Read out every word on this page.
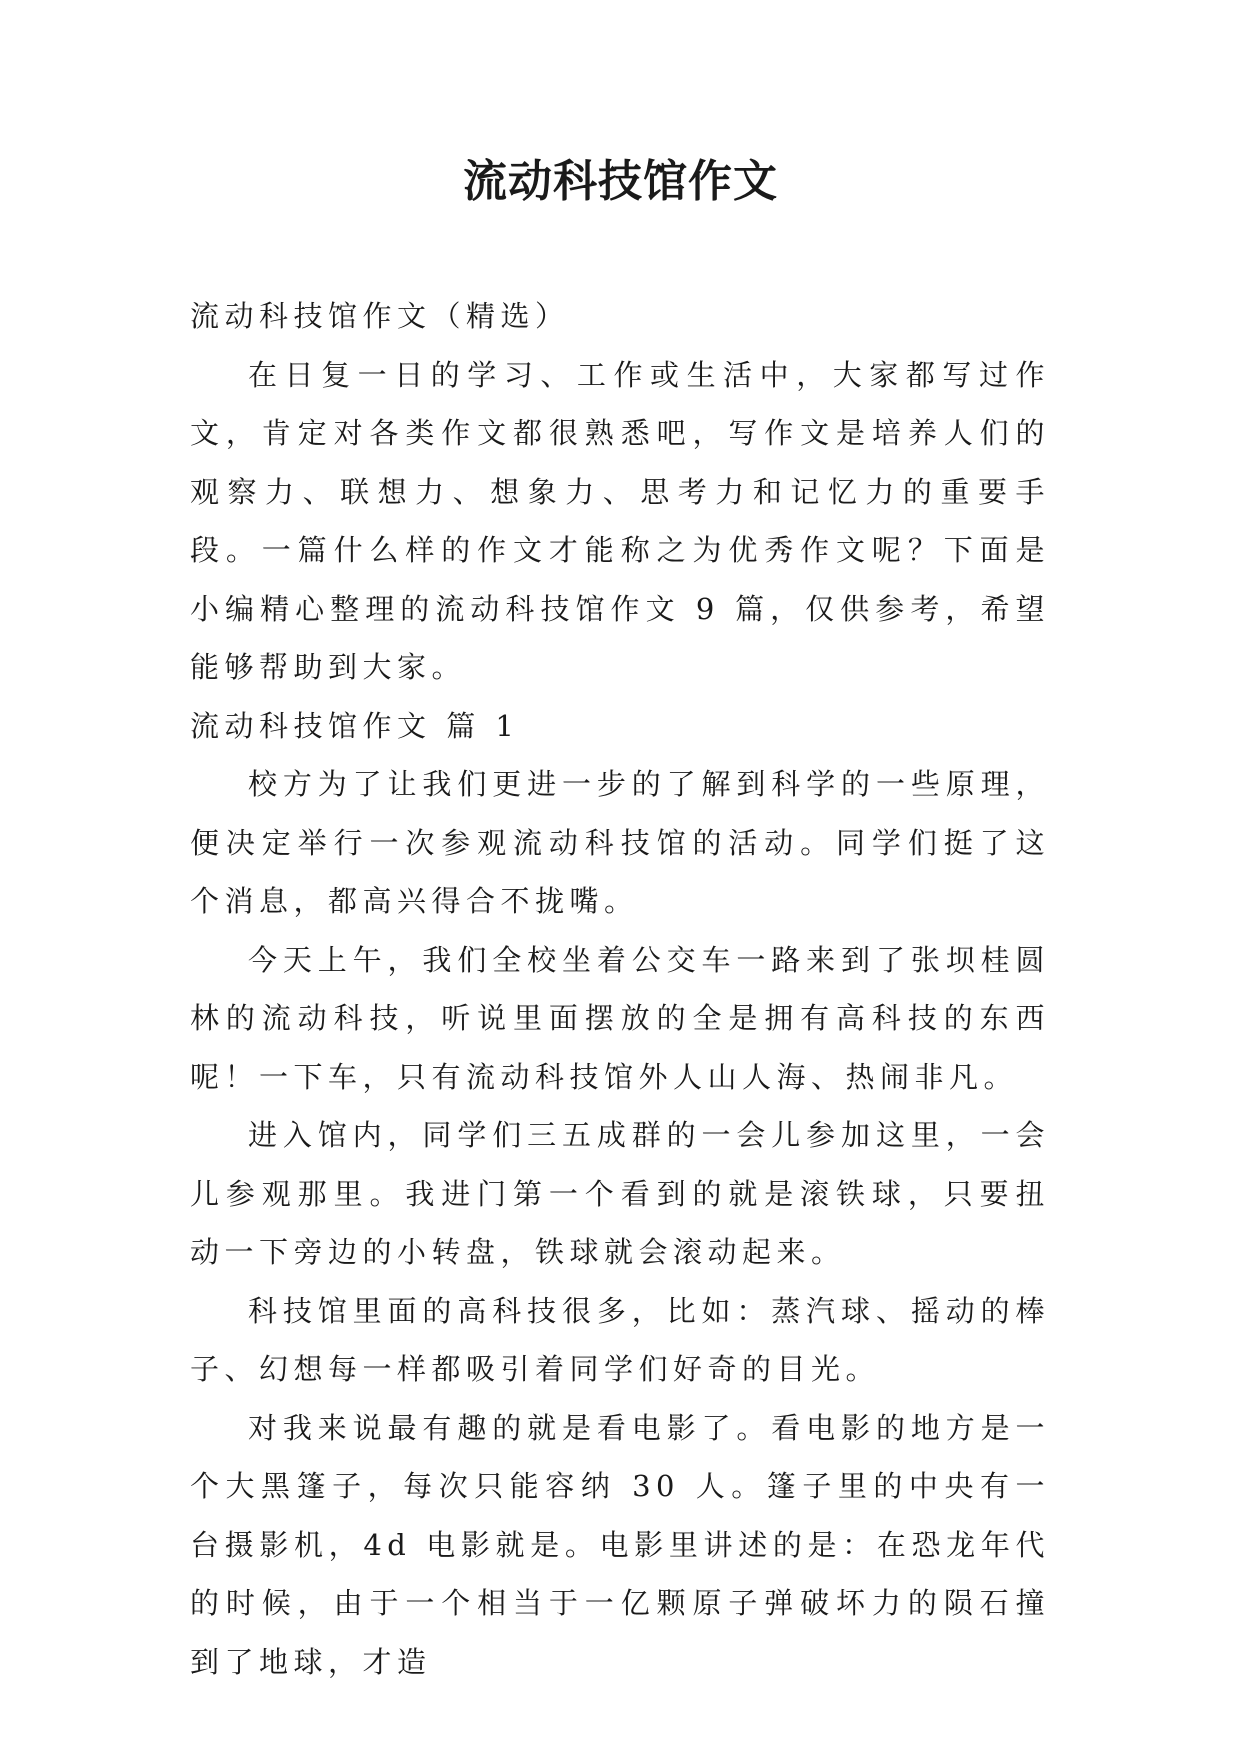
流动科技馆作文

流动科技馆作文（精选）

在日复一日的学习、工作或生活中，大家都写过作文，肯定对各类作文都很熟悉吧，写作文是培养人们的观察力、联想力、想象力、思考力和记忆力的重要手段。一篇什么样的作文才能称之为优秀作文呢？下面是小编精心整理的流动科技馆作文 9 篇，仅供参考，希望能够帮助到大家。

流动科技馆作文 篇 1

校方为了让我们更进一步的了解到科学的一些原理，便决定举行一次参观流动科技馆的活动。同学们挺了这个消息，都高兴得合不拢嘴。

今天上午，我们全校坐着公交车一路来到了张坝桂圆林的流动科技，听说里面摆放的全是拥有高科技的东西呢！一下车，只有流动科技馆外人山人海、热闹非凡。

进入馆内，同学们三五成群的一会儿参加这里，一会儿参观那里。我进门第一个看到的就是滚铁球，只要扭动一下旁边的小转盘，铁球就会滚动起来。

科技馆里面的高科技很多，比如：蒸汽球、摇动的棒子、幻想每一样都吸引着同学们好奇的目光。

对我来说最有趣的就是看电影了。看电影的地方是一个大黑篷子，每次只能容纳 30 人。篷子里的中央有一台摄影机，4d 电影就是。电影里讲述的是：在恐龙年代的时候，由于一个相当于一亿颗原子弹破坏力的陨石撞到了地球，才造
